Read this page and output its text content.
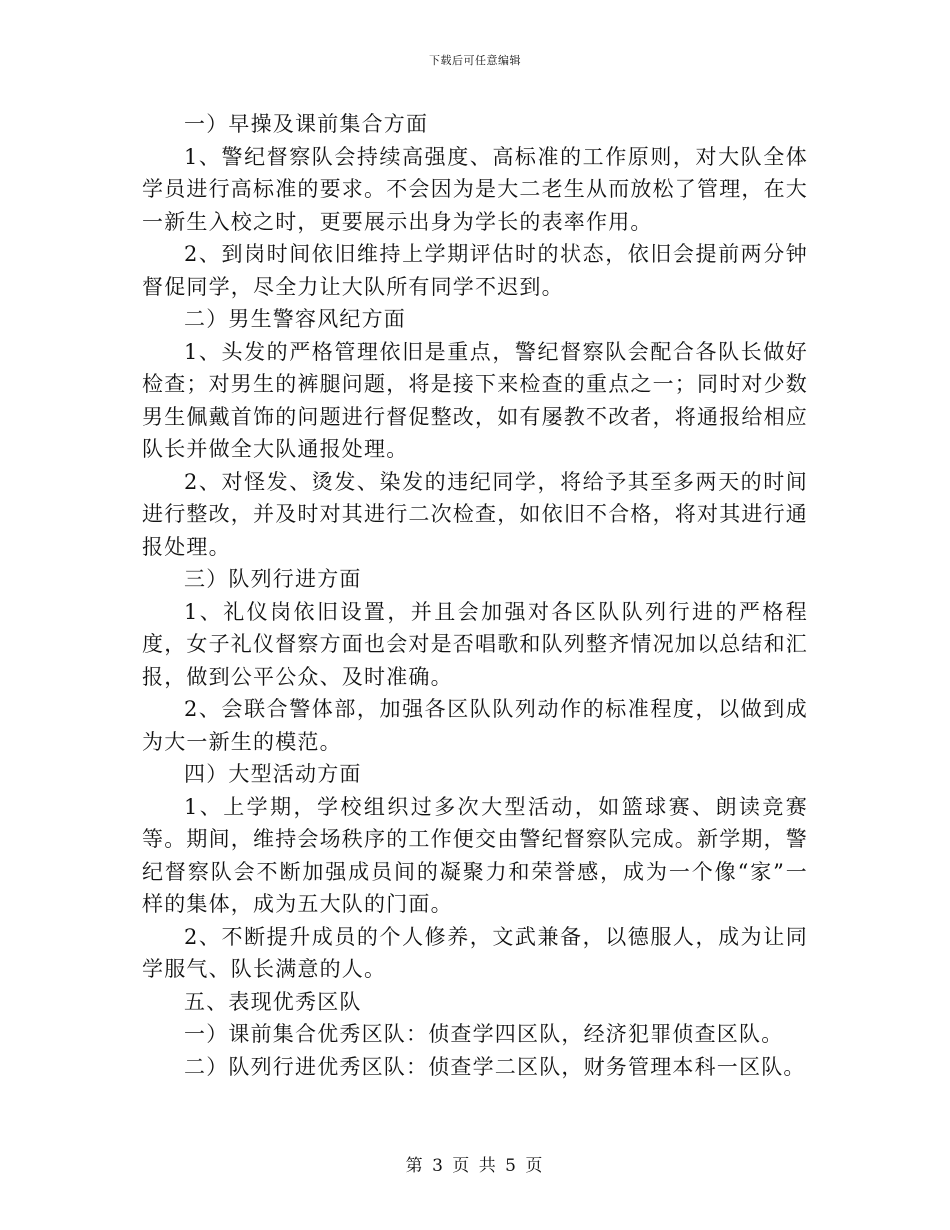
下载后可任意编辑

一）早操及课前集合方面

1、警纪督察队会持续高强度、高标准的工作原则，对大队全体学员进行高标准的要求。不会因为是大二老生从而放松了管理，在大一新生入校之时，更要展示出身为学长的表率作用。

2、到岗时间依旧维持上学期评估时的状态，依旧会提前两分钟督促同学，尽全力让大队所有同学不迟到。

二）男生警容风纪方面

1、头发的严格管理依旧是重点，警纪督察队会配合各队长做好检查；对男生的裤腿问题，将是接下来检查的重点之一；同时对少数男生佩戴首饰的问题进行督促整改，如有屡教不改者，将通报给相应队长并做全大队通报处理。

2、对怪发、烫发、染发的违纪同学，将给予其至多两天的时间进行整改，并及时对其进行二次检查，如依旧不合格，将对其进行通报处理。

三）队列行进方面

1、礼仪岗依旧设置，并且会加强对各区队队列行进的严格程度，女子礼仪督察方面也会对是否唱歌和队列整齐情况加以总结和汇报，做到公平公众、及时准确。

2、会联合警体部，加强各区队队列动作的标准程度，以做到成为大一新生的模范。

四）大型活动方面

1、上学期，学校组织过多次大型活动，如篮球赛、朗读竞赛等。期间，维持会场秩序的工作便交由警纪督察队完成。新学期，警纪督察队会不断加强成员间的凝聚力和荣誉感，成为一个像“家”一样的集体，成为五大队的门面。

2、不断提升成员的个人修养，文武兼备，以德服人，成为让同学服气、队长满意的人。

五、表现优秀区队

一）课前集合优秀区队：侦查学四区队，经济犯罪侦查区队。

二）队列行进优秀区队：侦查学二区队，财务管理本科一区队。

第 3 页 共 5 页
